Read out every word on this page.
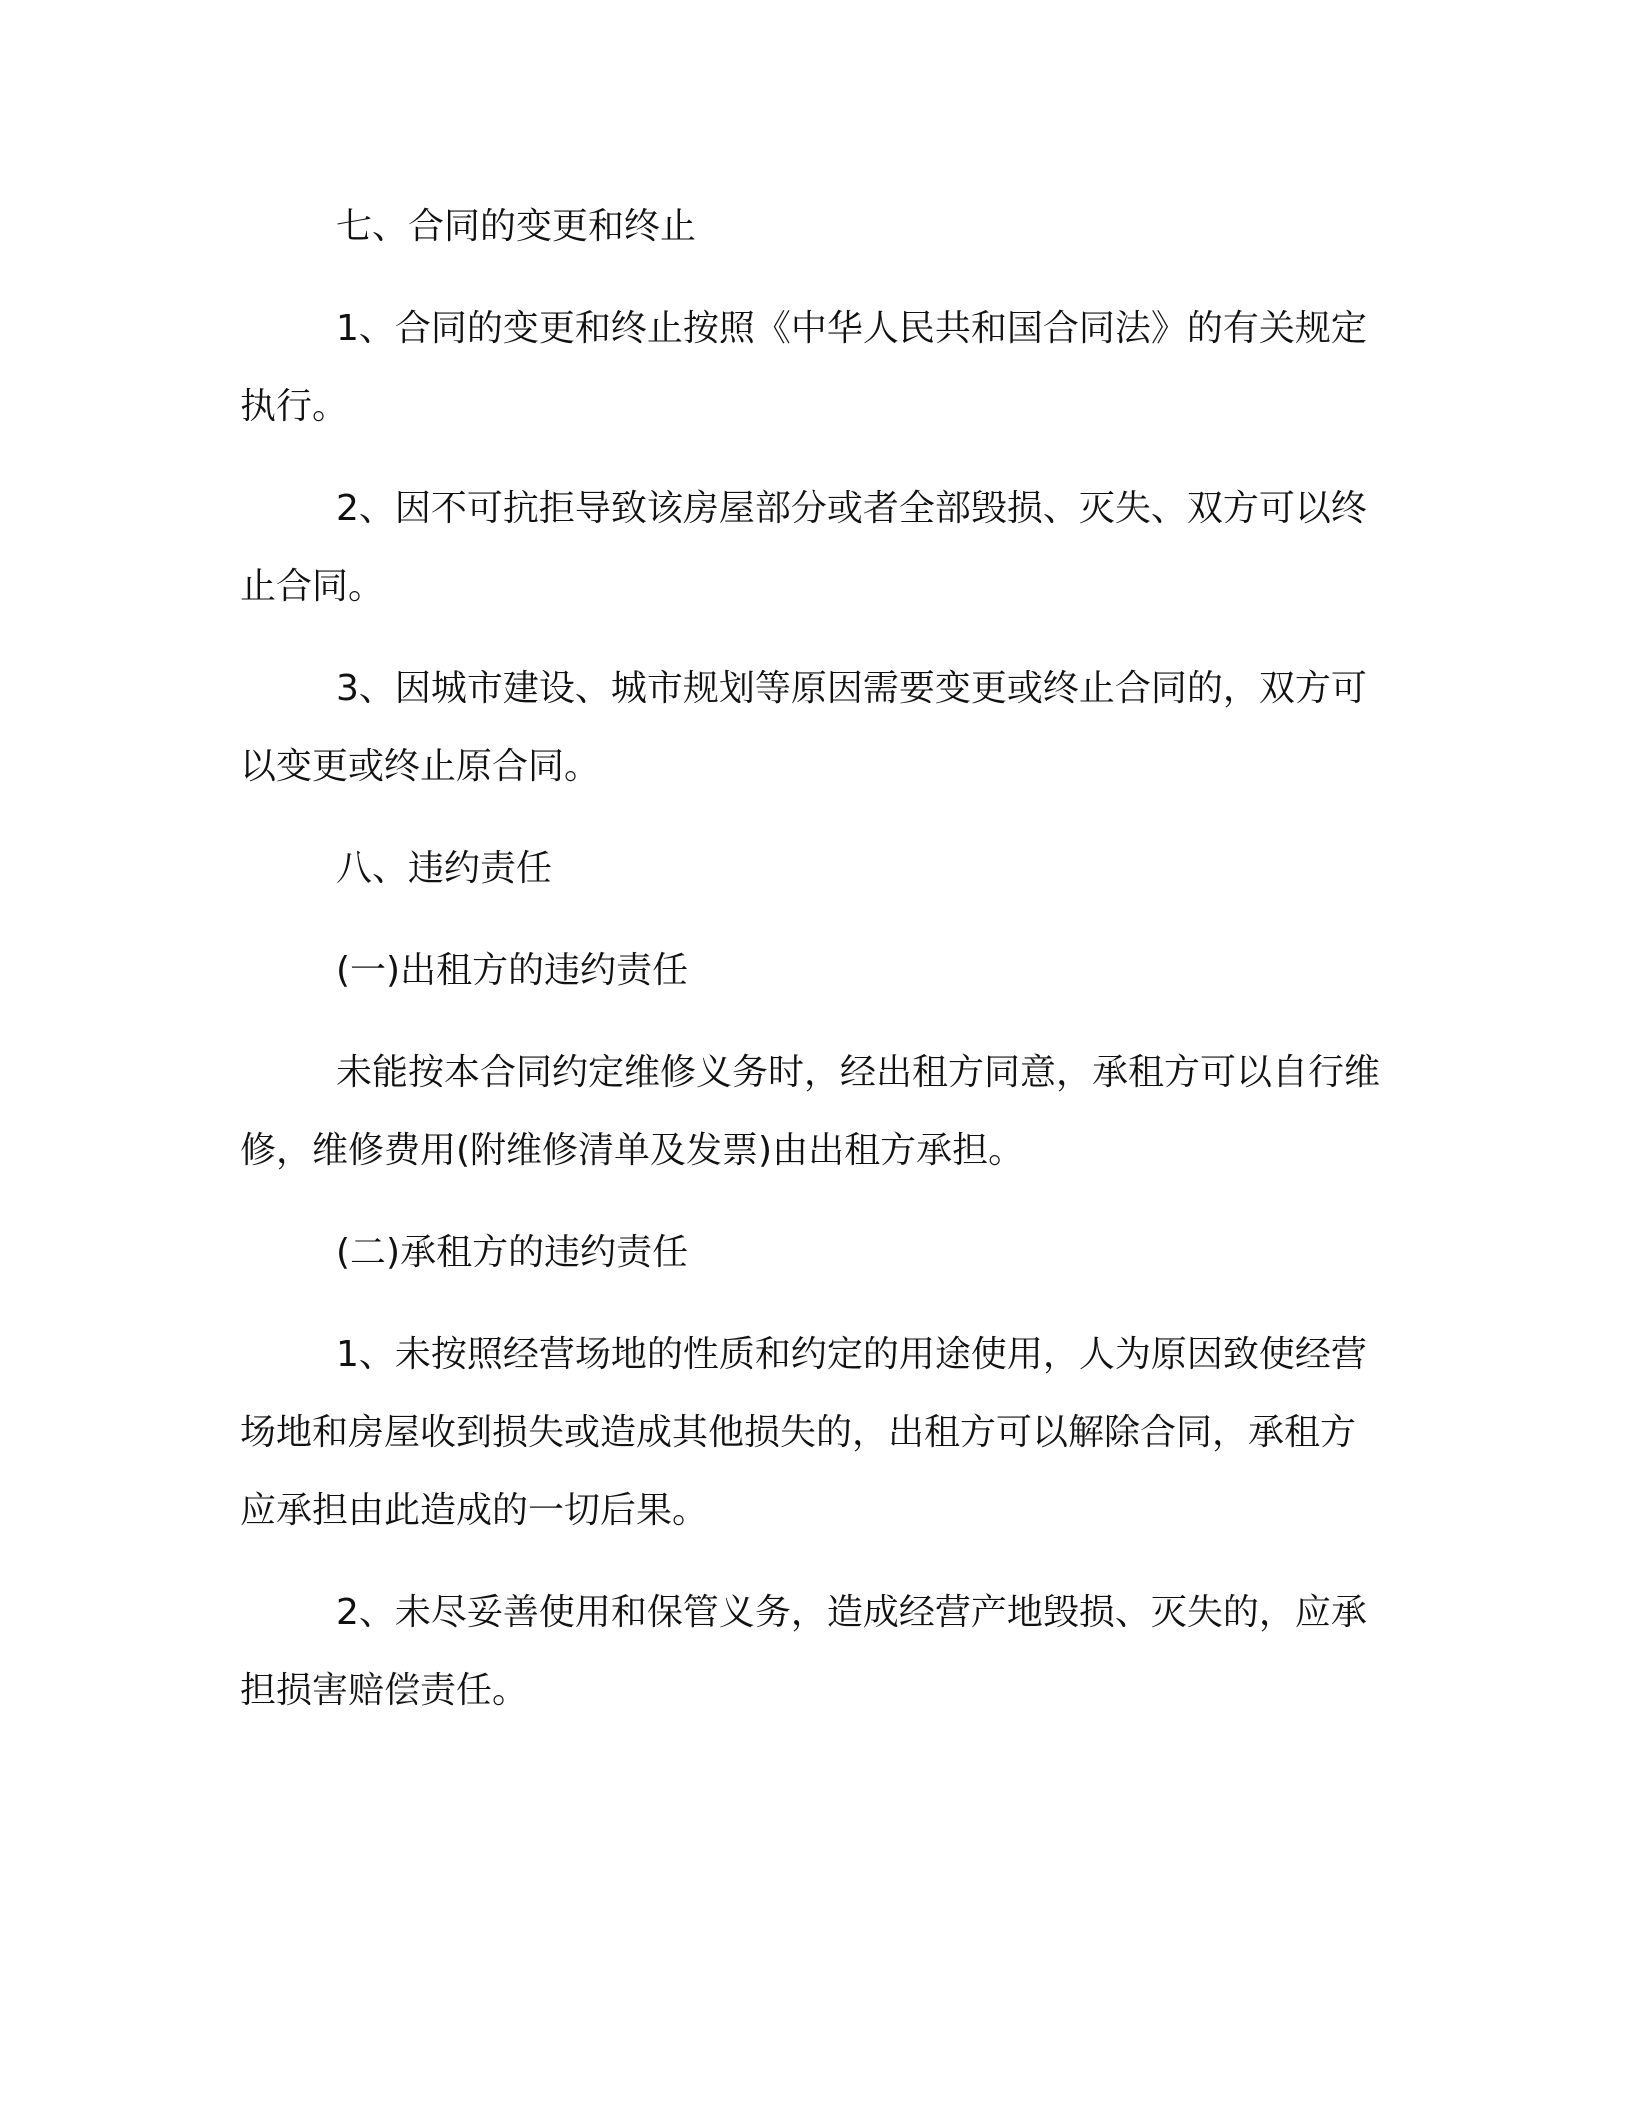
七、合同的变更和终止

1、合同的变更和终止按照《中华人民共和国合同法》的有关规定执行。

2、因不可抗拒导致该房屋部分或者全部毁损、灭失、双方可以终止合同。

3、因城市建设、城市规划等原因需要变更或终止合同的，双方可以变更或终止原合同。

八、违约责任

(一)出租方的违约责任

未能按本合同约定维修义务时，经出租方同意，承租方可以自行维修，维修费用(附维修清单及发票)由出租方承担。

(二)承租方的违约责任

1、未按照经营场地的性质和约定的用途使用，人为原因致使经营场地和房屋收到损失或造成其他损失的，出租方可以解除合同，承租方应承担由此造成的一切后果。

2、未尽妥善使用和保管义务，造成经营产地毁损、灭失的，应承担损害赔偿责任。
